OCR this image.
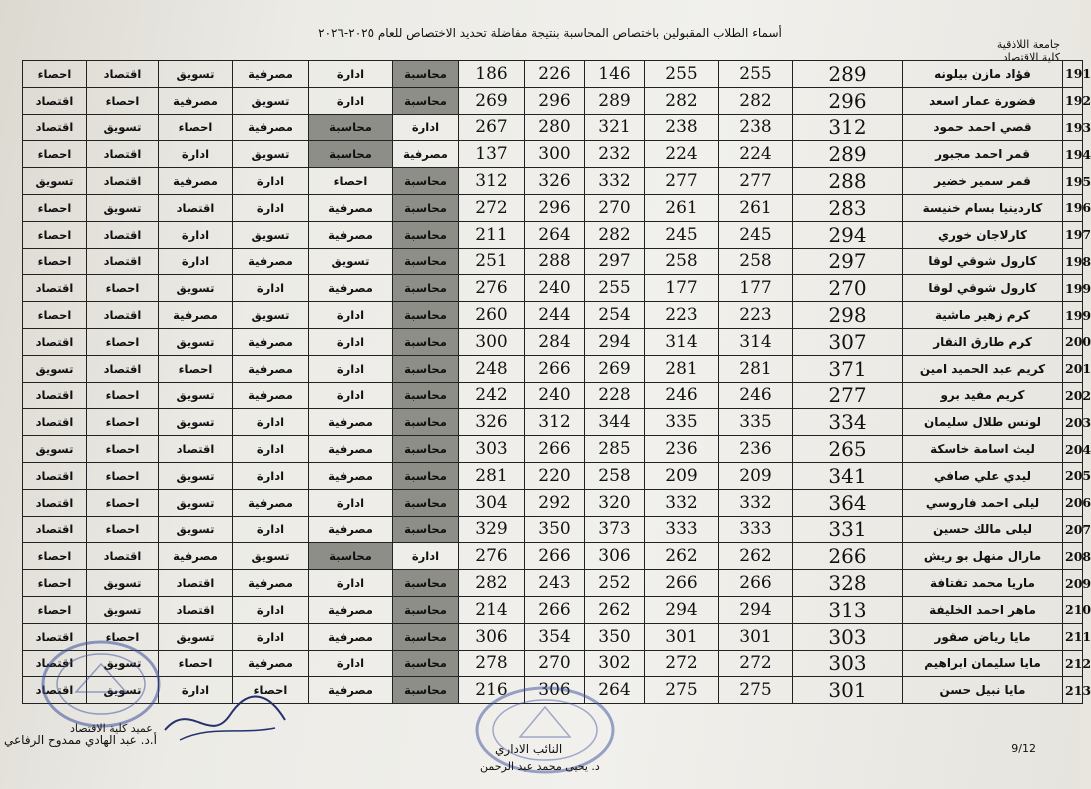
أسماء الطلاب المقبولين باختصاص المحاسبة بنتيجة مفاضلة تحديد الاختصاص للعام ٢٠٢٥-٢٠٢٦
جامعة اللاذقية
كلية الاقتصاد
احصاء	اقتصاد	تسويق	مصرفية	ادارة	محاسبة	186	226	146	255	255	289	فؤاد مازن بيلونه	191
اقتصاد	احصاء	مصرفية	تسويق	ادارة	محاسبة	269	296	289	282	282	296	فضورة عمار اسعد	192
اقتصاد	تسويق	احصاء	مصرفية	محاسبة	ادارة	267	280	321	238	238	312	قصي احمد حمود	193
احصاء	اقتصاد	ادارة	تسويق	محاسبة	مصرفية	137	300	232	224	224	289	قمر احمد مجبور	194
تسويق	اقتصاد	مصرفية	ادارة	احصاء	محاسبة	312	326	332	277	277	288	قمر سمير خضير	195
احصاء	تسويق	اقتصاد	ادارة	مصرفية	محاسبة	272	296	270	261	261	283	كاردينيا بسام خنيسة	196
احصاء	اقتصاد	ادارة	تسويق	مصرفية	محاسبة	211	264	282	245	245	294	كارلاجان خوري	197
احصاء	اقتصاد	ادارة	مصرفية	تسويق	محاسبة	251	288	297	258	258	297	كارول شوقي لوقا	198
اقتصاد	احصاء	تسويق	ادارة	مصرفية	محاسبة	276	240	255	177	177	270	كارول شوقي لوقا	199
احصاء	اقتصاد	مصرفية	تسويق	ادارة	محاسبة	260	244	254	223	223	298	كرم زهير ماشية	199
اقتصاد	احصاء	تسويق	مصرفية	ادارة	محاسبة	300	284	294	314	314	307	كرم طارق النقار	200
تسويق	اقتصاد	احصاء	مصرفية	ادارة	محاسبة	248	266	269	281	281	371	كريم عبد الحميد امين	201
اقتصاد	احصاء	تسويق	مصرفية	ادارة	محاسبة	242	240	228	246	246	277	كريم مفيد برو	202
اقتصاد	احصاء	تسويق	ادارة	مصرفية	محاسبة	326	312	344	335	335	334	لونس طلال سليمان	203
تسويق	احصاء	اقتصاد	ادارة	مصرفية	محاسبة	303	266	285	236	236	265	ليث اسامة خاسكة	204
اقتصاد	احصاء	تسويق	ادارة	مصرفية	محاسبة	281	220	258	209	209	341	ليدي علي صافي	205
اقتصاد	احصاء	تسويق	مصرفية	ادارة	محاسبة	304	292	320	332	332	364	ليلى احمد فاروسي	206
اقتصاد	احصاء	تسويق	ادارة	مصرفية	محاسبة	329	350	373	333	333	331	ليلى مالك حسين	207
احصاء	اقتصاد	مصرفية	تسويق	محاسبة	ادارة	276	266	306	262	262	266	مارال منهل بو ريش	208
احصاء	تسويق	اقتصاد	مصرفية	ادارة	محاسبة	282	243	252	266	266	328	ماريا محمد تفتافة	209
احصاء	تسويق	اقتصاد	ادارة	مصرفية	محاسبة	214	266	262	294	294	313	ماهر احمد الخليفة	210
اقتصاد	احصاء	تسويق	ادارة	مصرفية	محاسبة	306	354	350	301	301	303	مايا رياض صقور	211
اقتصاد	تسويق	احصاء	مصرفية	ادارة	محاسبة	278	270	302	272	272	303	مايا سليمان ابراهيم	212
اقتصاد	تسويق	ادارة	احصاء	مصرفية	محاسبة	216	306	264	275	275	301	مايا نبيل حسن	213
عميد كلية الاقتصاد
أ.د. عبد الهادي ممدوح الرفاعي
النائب الاداري
د. يحيى محمد عبد الرحمن
9/12
